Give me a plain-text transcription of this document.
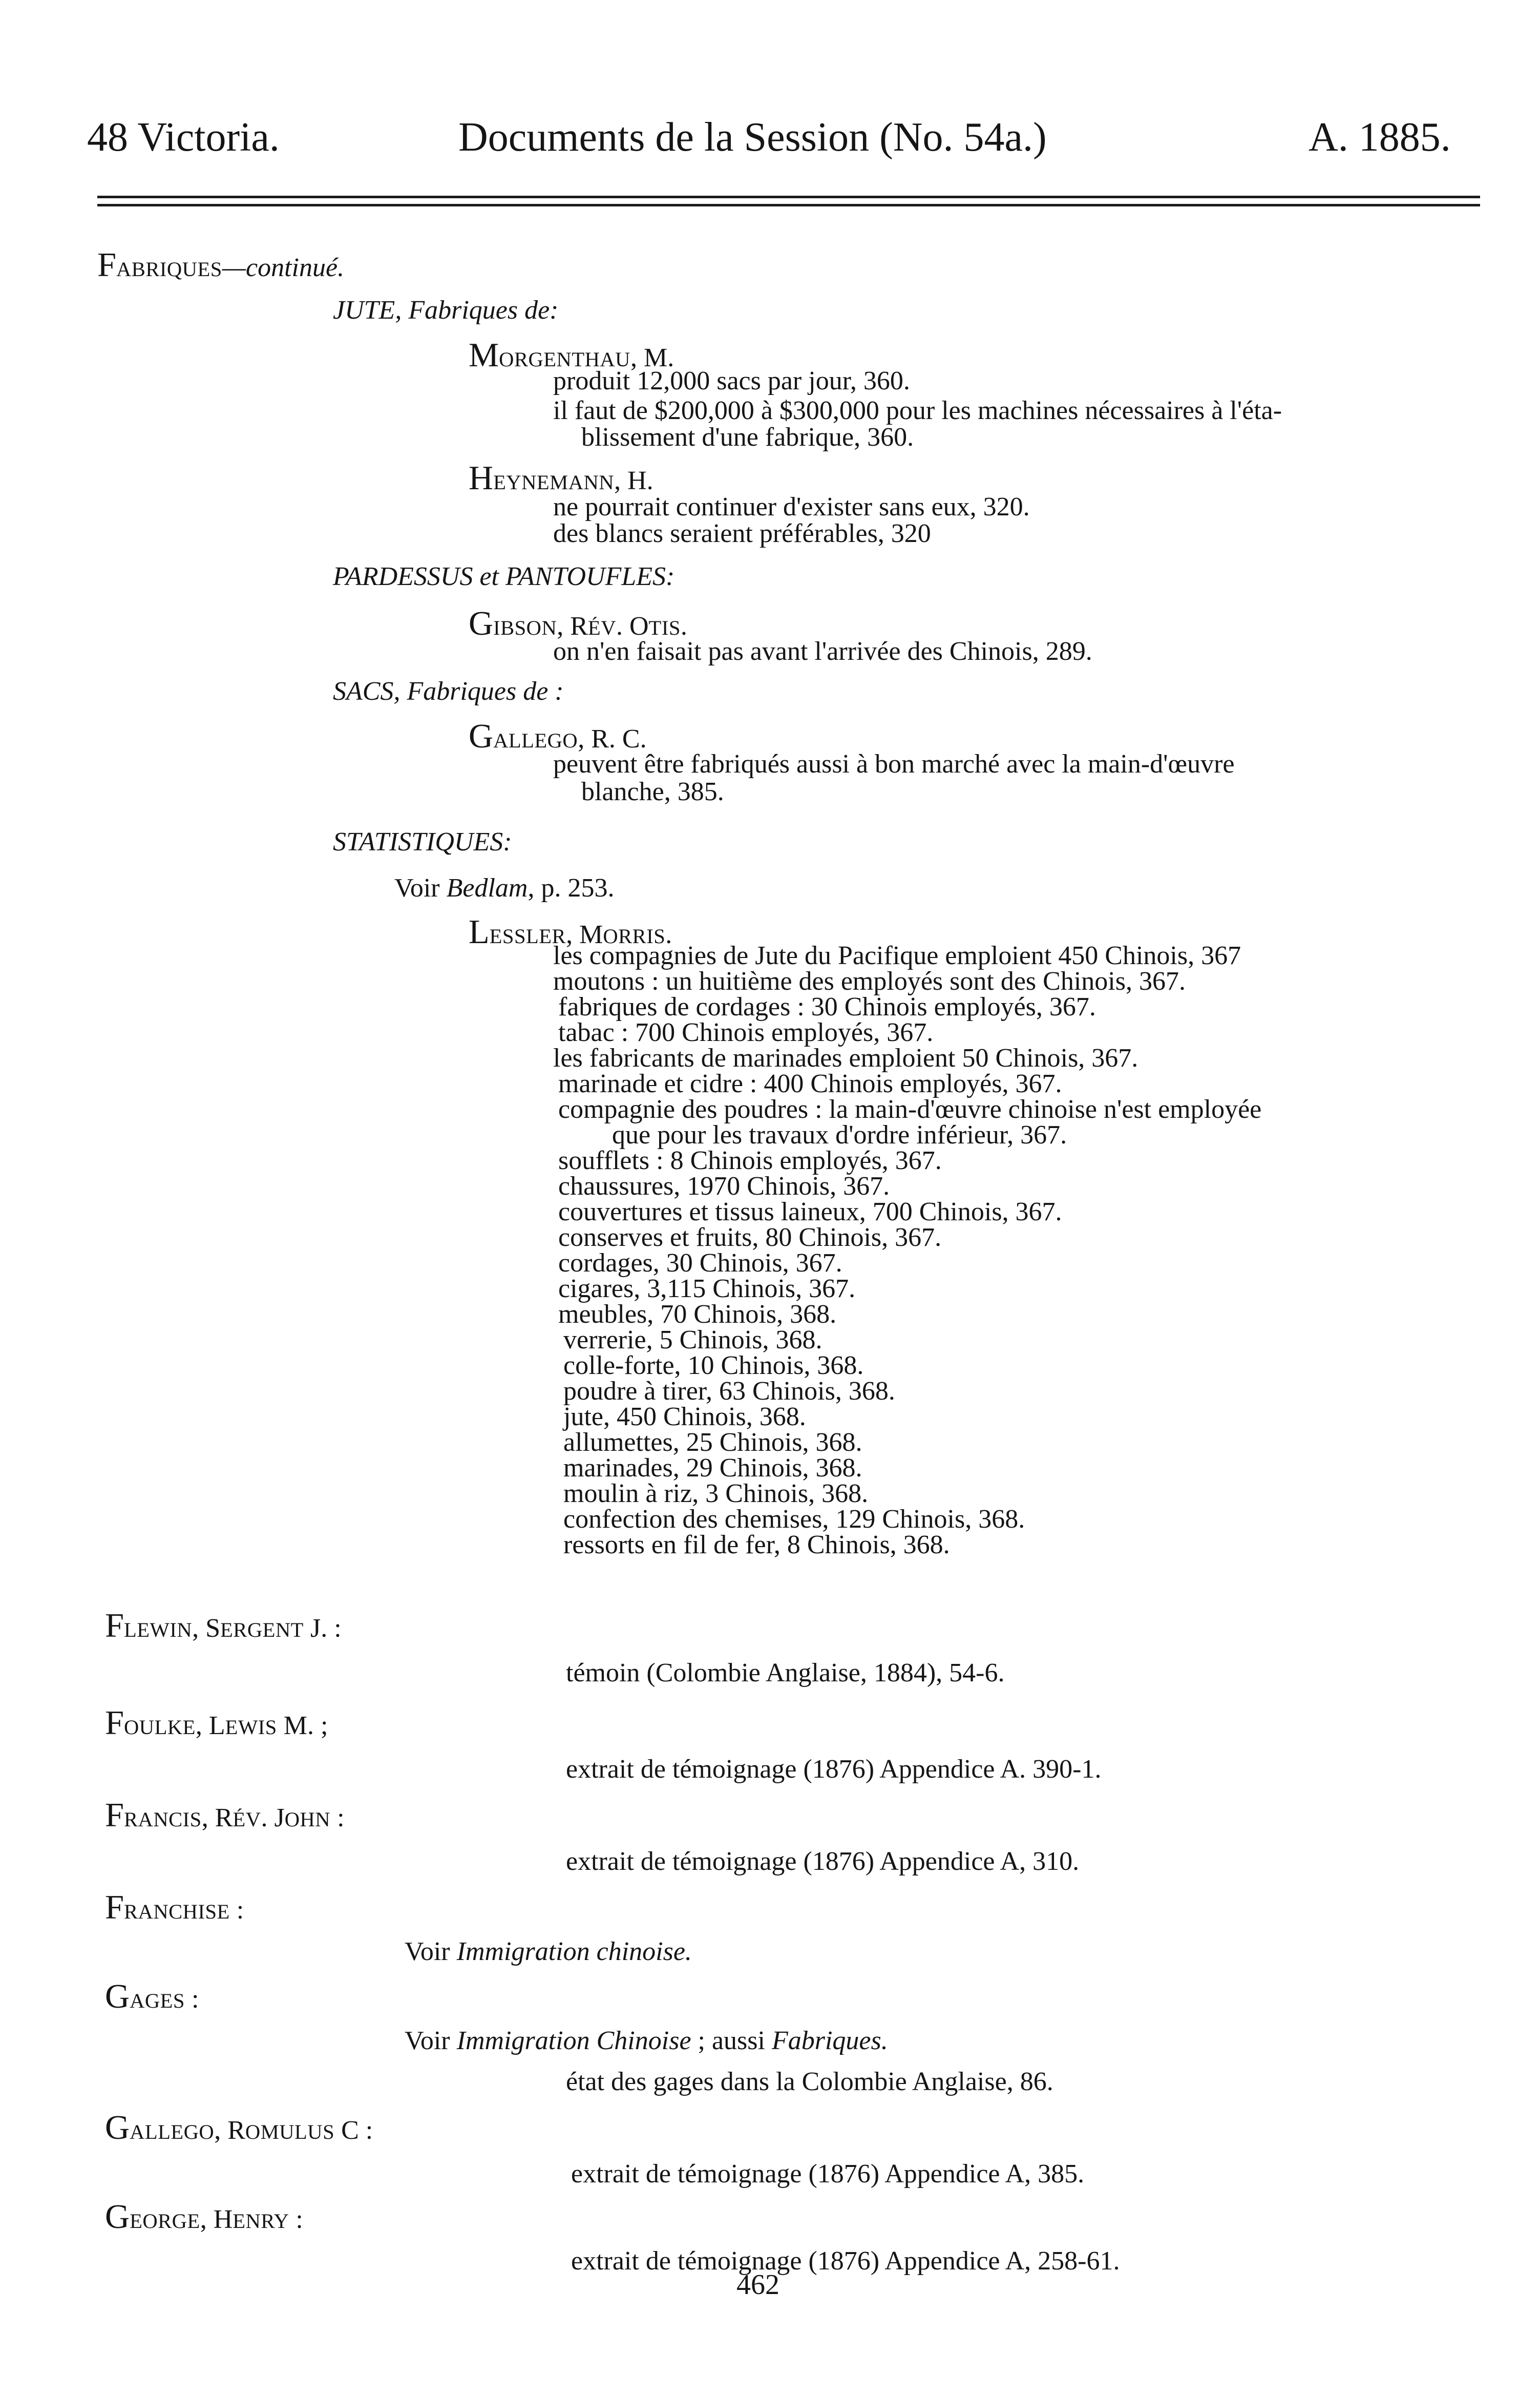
48 Victoria.	Documents de la Session (No. 54a.)	A. 1885.
FABRIQUES—continué.
JUTE, Fabriques de:
MORGENTHAU, M.
produit 12,000 sacs par jour, 360.
il faut de $200,000 à $300,000 pour les machines nécessaires à l'éta-
blissement d'une fabrique, 360.
HEYNEMANN, H.
ne pourrait continuer d'exister sans eux, 320.
des blancs seraient préférables, 320
PARDESSUS et PANTOUFLES:
GIBSON, RÉV. OTIS.
on n'en faisait pas avant l'arrivée des Chinois, 289.
SACS, Fabriques de :
GALLEGO, R. C.
peuvent être fabriqués aussi à bon marché avec la main-d'œuvre
blanche, 385.
STATISTIQUES:
Voir Bedlam, p. 253.
LESSLER, MORRIS.
les compagnies de Jute du Pacifique emploient 450 Chinois, 367
moutons : un huitième des employés sont des Chinois, 367.
fabriques de cordages : 30 Chinois employés, 367.
tabac : 700 Chinois employés, 367.
les fabricants de marinades emploient 50 Chinois, 367.
marinade et cidre : 400 Chinois employés, 367.
compagnie des poudres : la main-d'œuvre chinoise n'est employée
que pour les travaux d'ordre inférieur, 367.
soufflets : 8 Chinois employés, 367.
chaussures, 1970 Chinois, 367.
couvertures et tissus laineux, 700 Chinois, 367.
conserves et fruits, 80 Chinois, 367.
cordages, 30 Chinois, 367.
cigares, 3,115 Chinois, 367.
meubles, 70 Chinois, 368.
verrerie, 5 Chinois, 368.
colle-forte, 10 Chinois, 368.
poudre à tirer, 63 Chinois, 368.
jute, 450 Chinois, 368.
allumettes, 25 Chinois, 368.
marinades, 29 Chinois, 368.
moulin à riz, 3 Chinois, 368.
confection des chemises, 129 Chinois, 368.
ressorts en fil de fer, 8 Chinois, 368.
FLEWIN, SERGENT J. :
témoin (Colombie Anglaise, 1884), 54-6.
FOULKE, LEWIS M. ;
extrait de témoignage (1876) Appendice A. 390-1.
FRANCIS, RÉV. JOHN :
extrait de témoignage (1876) Appendice A, 310.
FRANCHISE :
Voir Immigration chinoise.
GAGES :
Voir Immigration Chinoise ; aussi Fabriques.
état des gages dans la Colombie Anglaise, 86.
GALLEGO, ROMULUS C :
extrait de témoignage (1876) Appendice A, 385.
GEORGE, HENRY :
extrait de témoignage (1876) Appendice A, 258-61.
462
